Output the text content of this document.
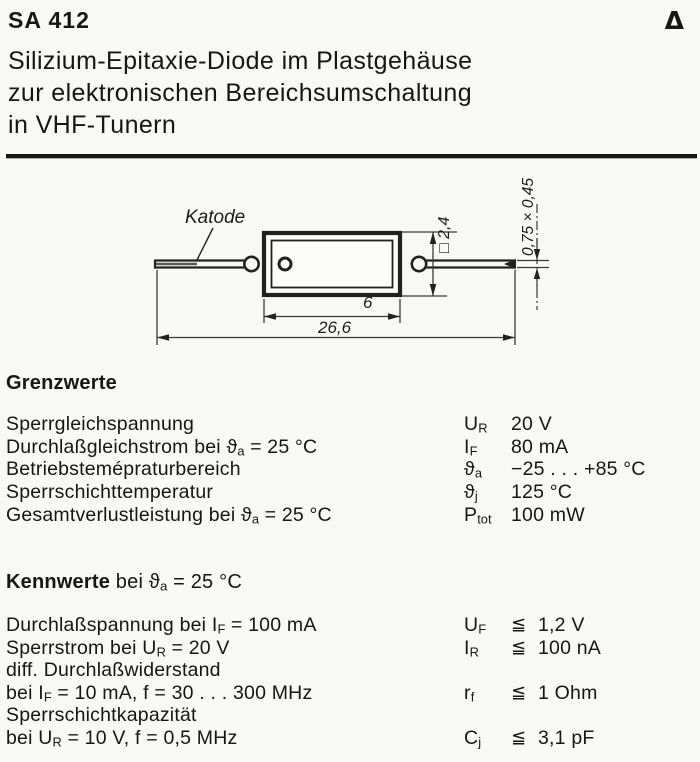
SA 412	Δ
Silizium-Epitaxie-Diode im Plastgehäuse
zur elektronischen Bereichsumschaltung
in VHF-Tunern
Katode	□ 2,4
6
26,6
0,75 × 0,45
Grenzwerte
Sperrgleichspannung	$U_R$ 20 V
Durchlaßgleichstrom bei $ϑ_a = 25$ °C	$I_F$ 80 mA
Betriebstemépraturbereich	$ϑ_a -25$ . . . +85 °C
Sperrschichttemperatur	$ϑ_j$ 125 °C
Gesamtverlustleistung bei $ϑ_a = 25$ °C	$P_{tot}$ 100 mW
Kennwerte bei $ϑ_a = 25$ °C
Durchlaßspannung bei $I_F = 100$ mA	$U_F$ ≦ 1,2 V
Sperrstrom bei $U_R = 20$ V	$I_R$ ≦ 100 nA
diff. Durchlaßwiderstand
bei $I_F = 10$ mA, f = 30 . . . 300 MHz	$r_f$ ≦ 1 Ohm
Sperrschichtkapazität
bei $U_R = 10$ V, f = 0,5 MHz	$C_j$ ≦ 3,1 pF
